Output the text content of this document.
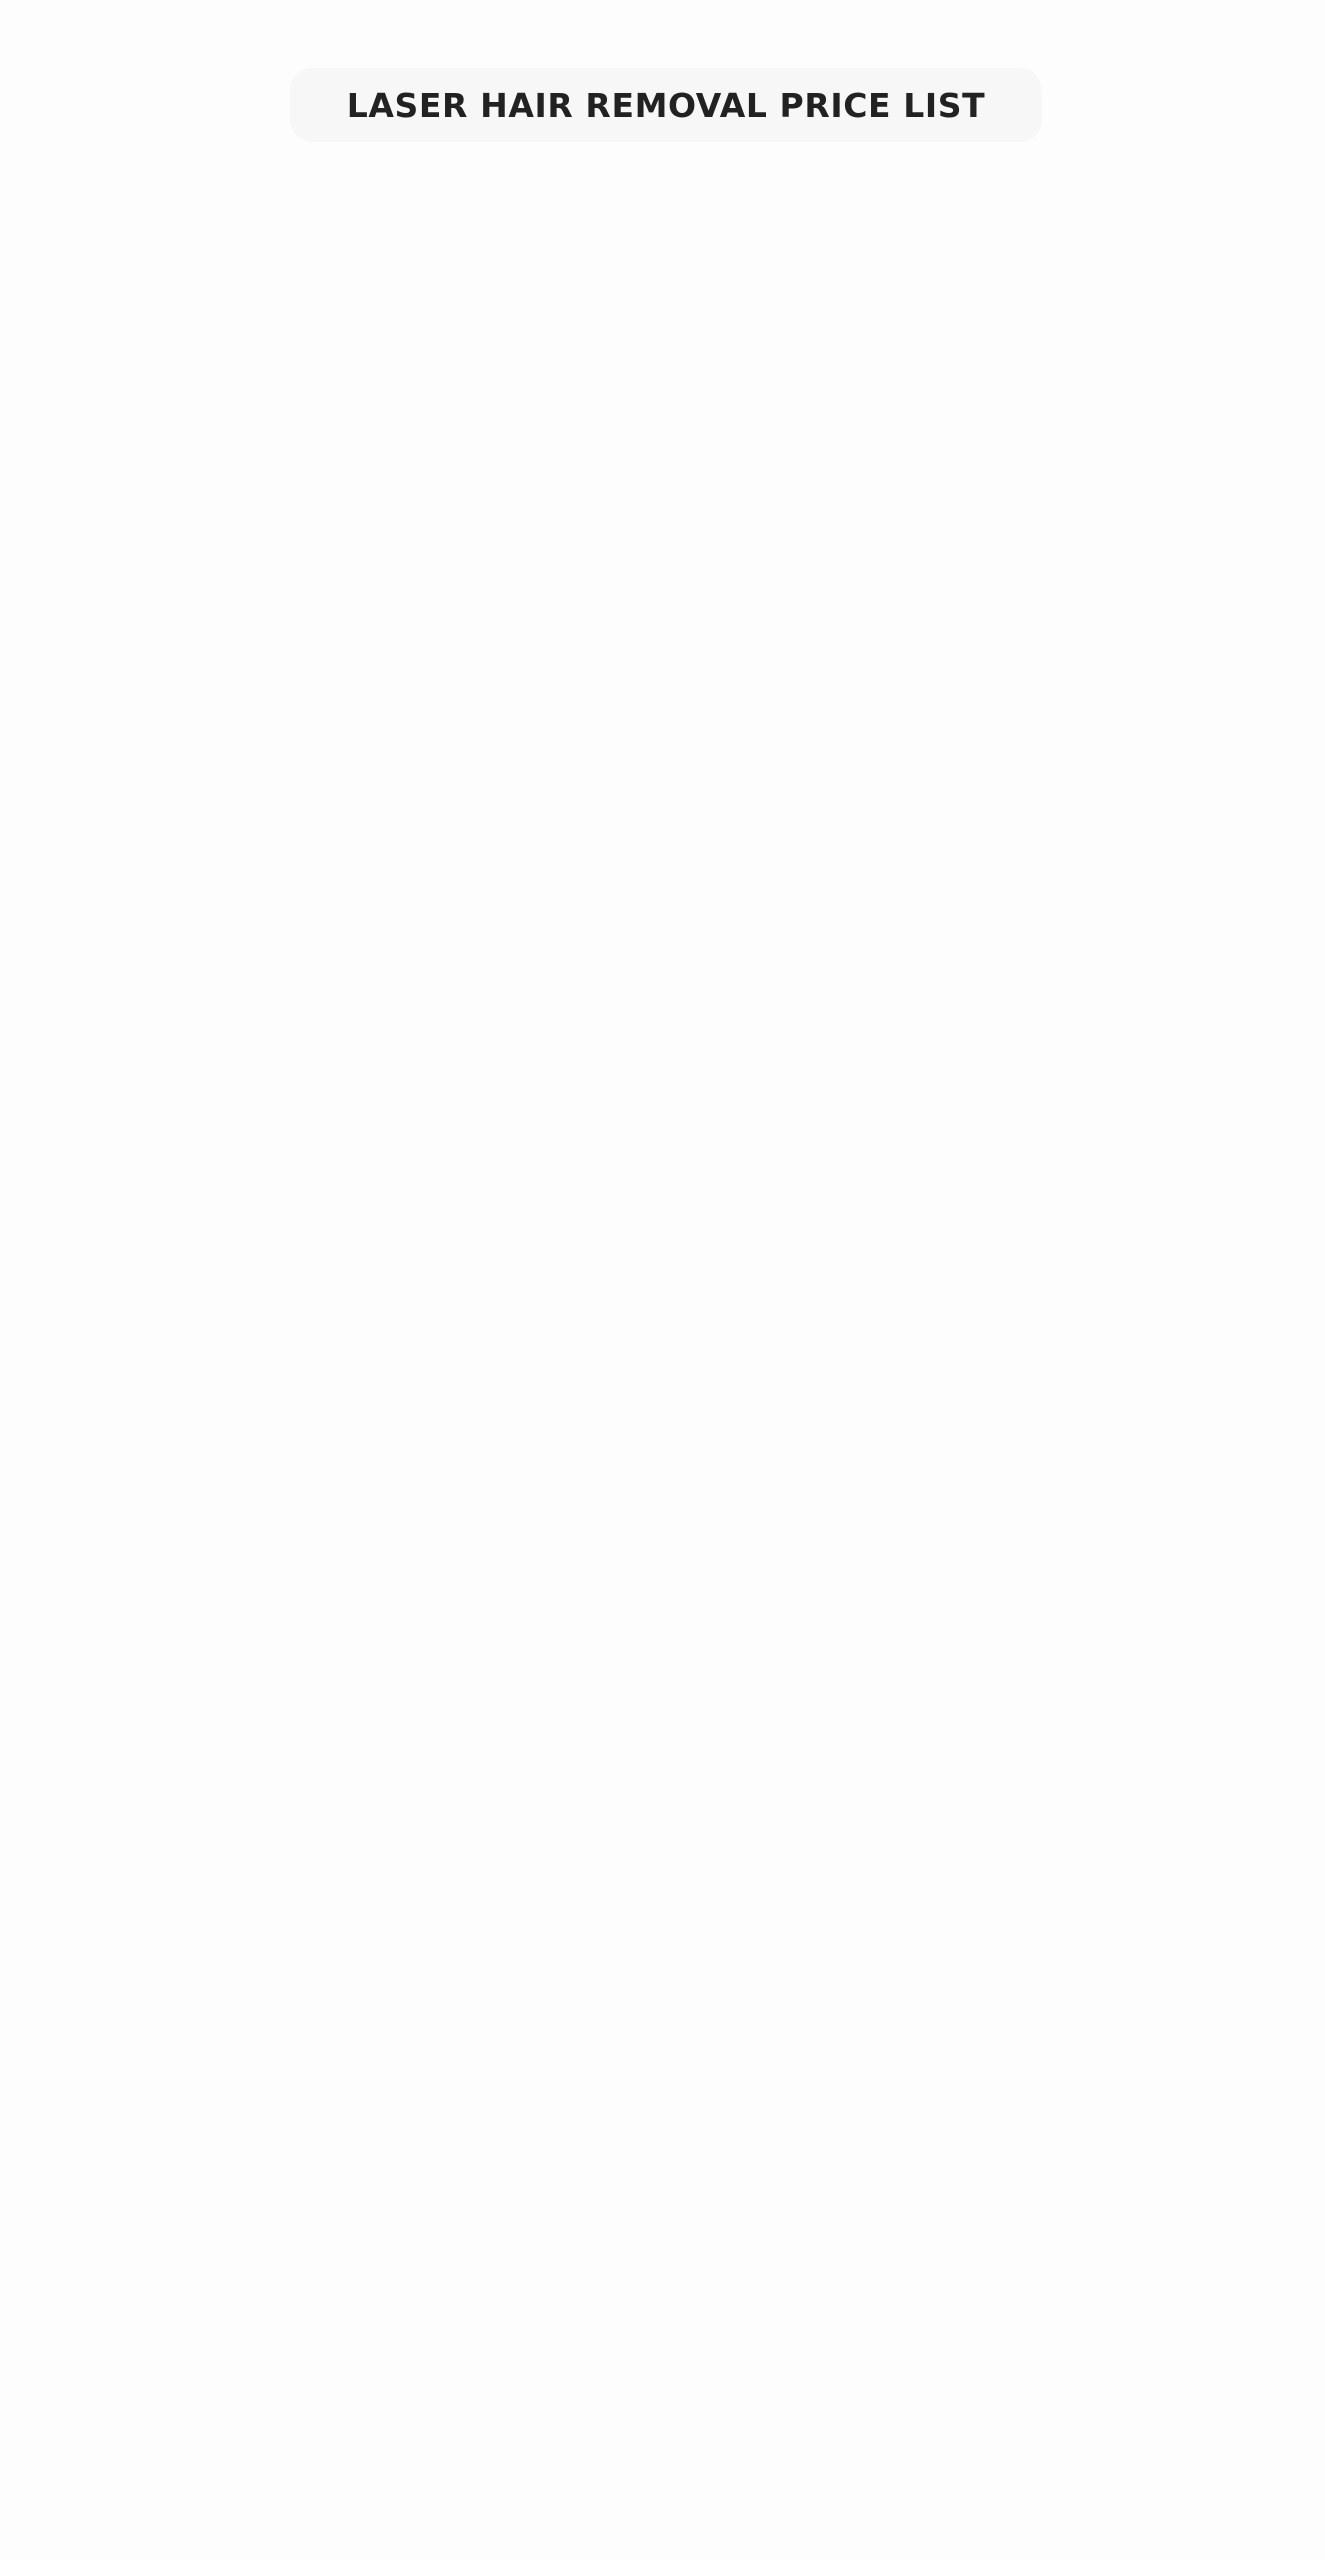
LASER HAIR REMOVAL PRICE LIST
